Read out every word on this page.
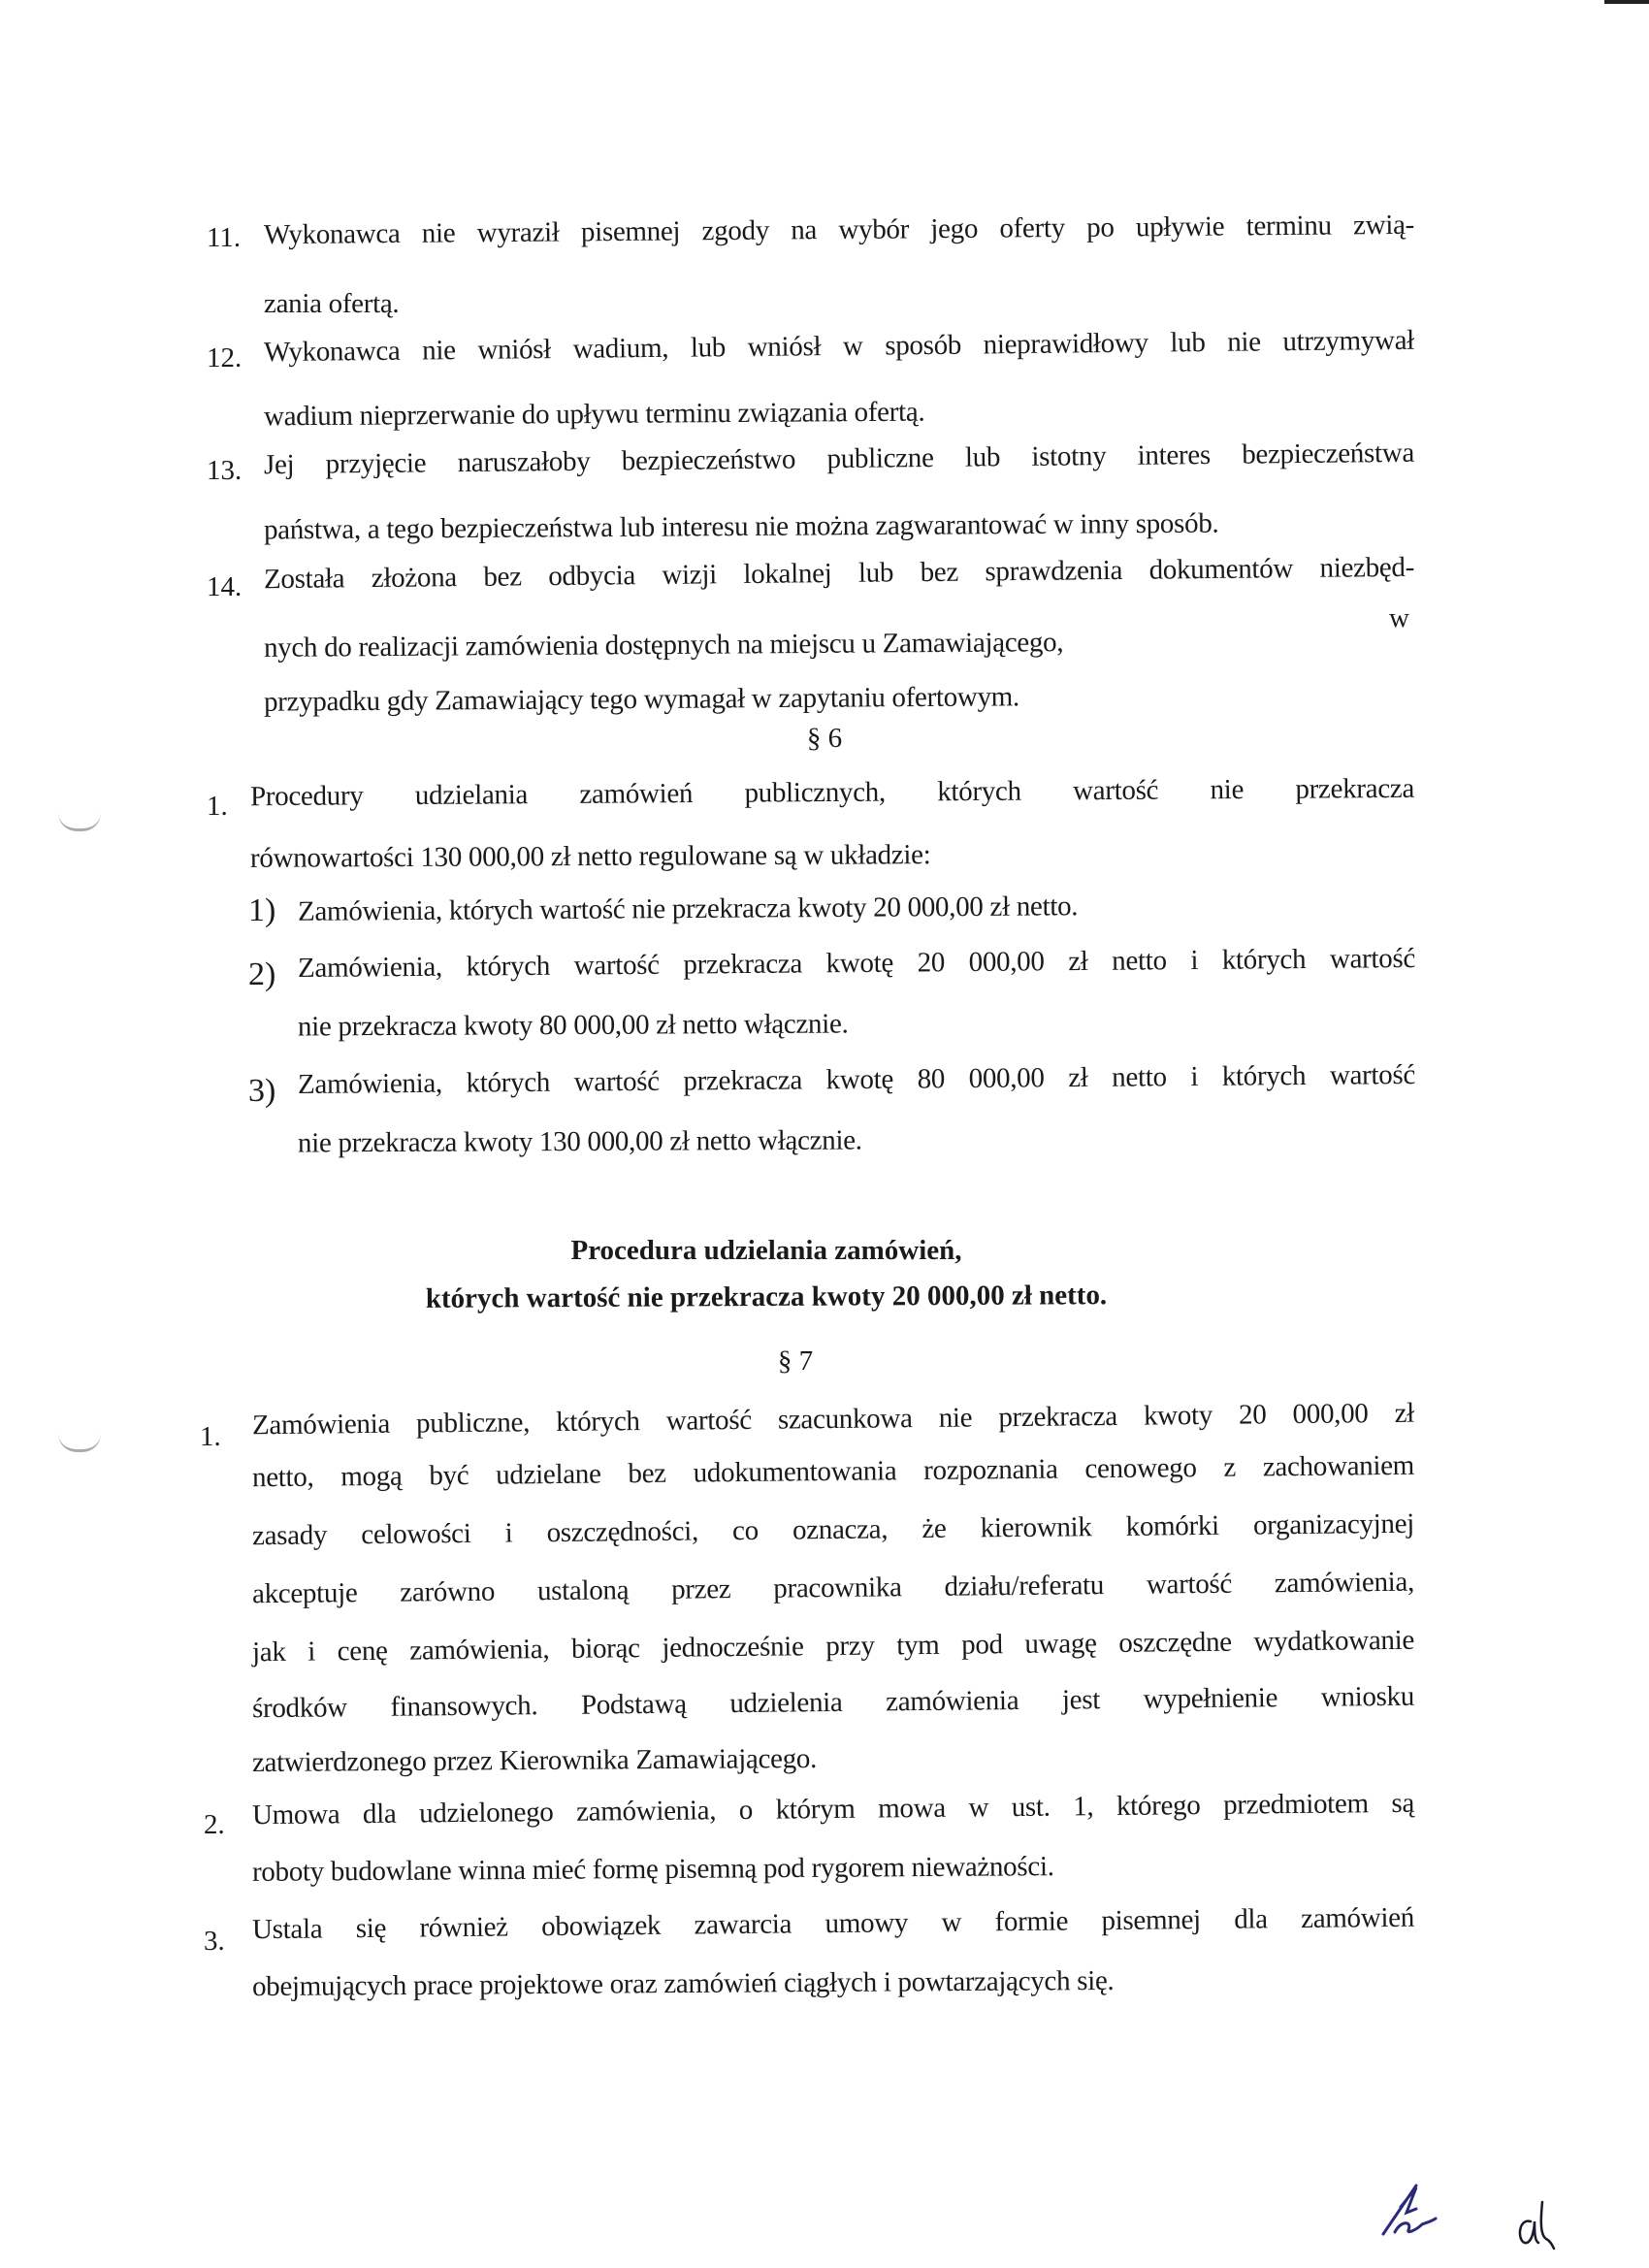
11. Wykonawca nie wyraził pisemnej zgody na wybór jego oferty po upływie terminu zwią-
zania ofertą.
12. Wykonawca nie wniósł wadium, lub wniósł w sposób nieprawidłowy lub nie utrzymywał
wadium nieprzerwanie do upływu terminu związania ofertą.
13. Jej przyjęcie naruszałoby bezpieczeństwo publiczne lub istotny interes bezpieczeństwa
państwa, a tego bezpieczeństwa lub interesu nie można zagwarantować w inny sposób.
14. Została złożona bez odbycia wizji lokalnej lub bez sprawdzenia dokumentów niezbęd-
nych do realizacji zamówienia dostępnych na miejscu u Zamawiającego,
w
przypadku gdy Zamawiający tego wymagał w zapytaniu ofertowym.
§ 6
1. Procedury udzielania zamówień publicznych, których wartość nie przekracza
równowartości 130 000,00 zł netto regulowane są w układzie:
1) Zamówienia, których wartość nie przekracza kwoty 20 000,00 zł netto.
2) Zamówienia, których wartość przekracza kwotę 20 000,00 zł netto i których wartość
nie przekracza kwoty 80 000,00 zł netto włącznie.
3) Zamówienia, których wartość przekracza kwotę 80 000,00 zł netto i których wartość
nie przekracza kwoty 130 000,00 zł netto włącznie.
Procedura udzielania zamówień,
których wartość nie przekracza kwoty 20 000,00 zł netto.
§ 7
1. Zamówienia publiczne, których wartość szacunkowa nie przekracza kwoty 20 000,00 zł
netto, mogą być udzielane bez udokumentowania rozpoznania cenowego z zachowaniem
zasady celowości i oszczędności, co oznacza, że kierownik komórki organizacyjnej
akceptuje zarówno ustaloną przez pracownika działu/referatu wartość zamówienia,
jak i cenę zamówienia, biorąc jednocześnie przy tym pod uwagę oszczędne wydatkowanie
środków finansowych. Podstawą udzielenia zamówienia jest wypełnienie wniosku
zatwierdzonego przez Kierownika Zamawiającego.
2. Umowa dla udzielonego zamówienia, o którym mowa w ust. 1, którego przedmiotem są
roboty budowlane winna mieć formę pisemną pod rygorem nieważności.
3. Ustala się również obowiązek zawarcia umowy w formie pisemnej dla zamówień
obejmujących prace projektowe oraz zamówień ciągłych i powtarzających się.
